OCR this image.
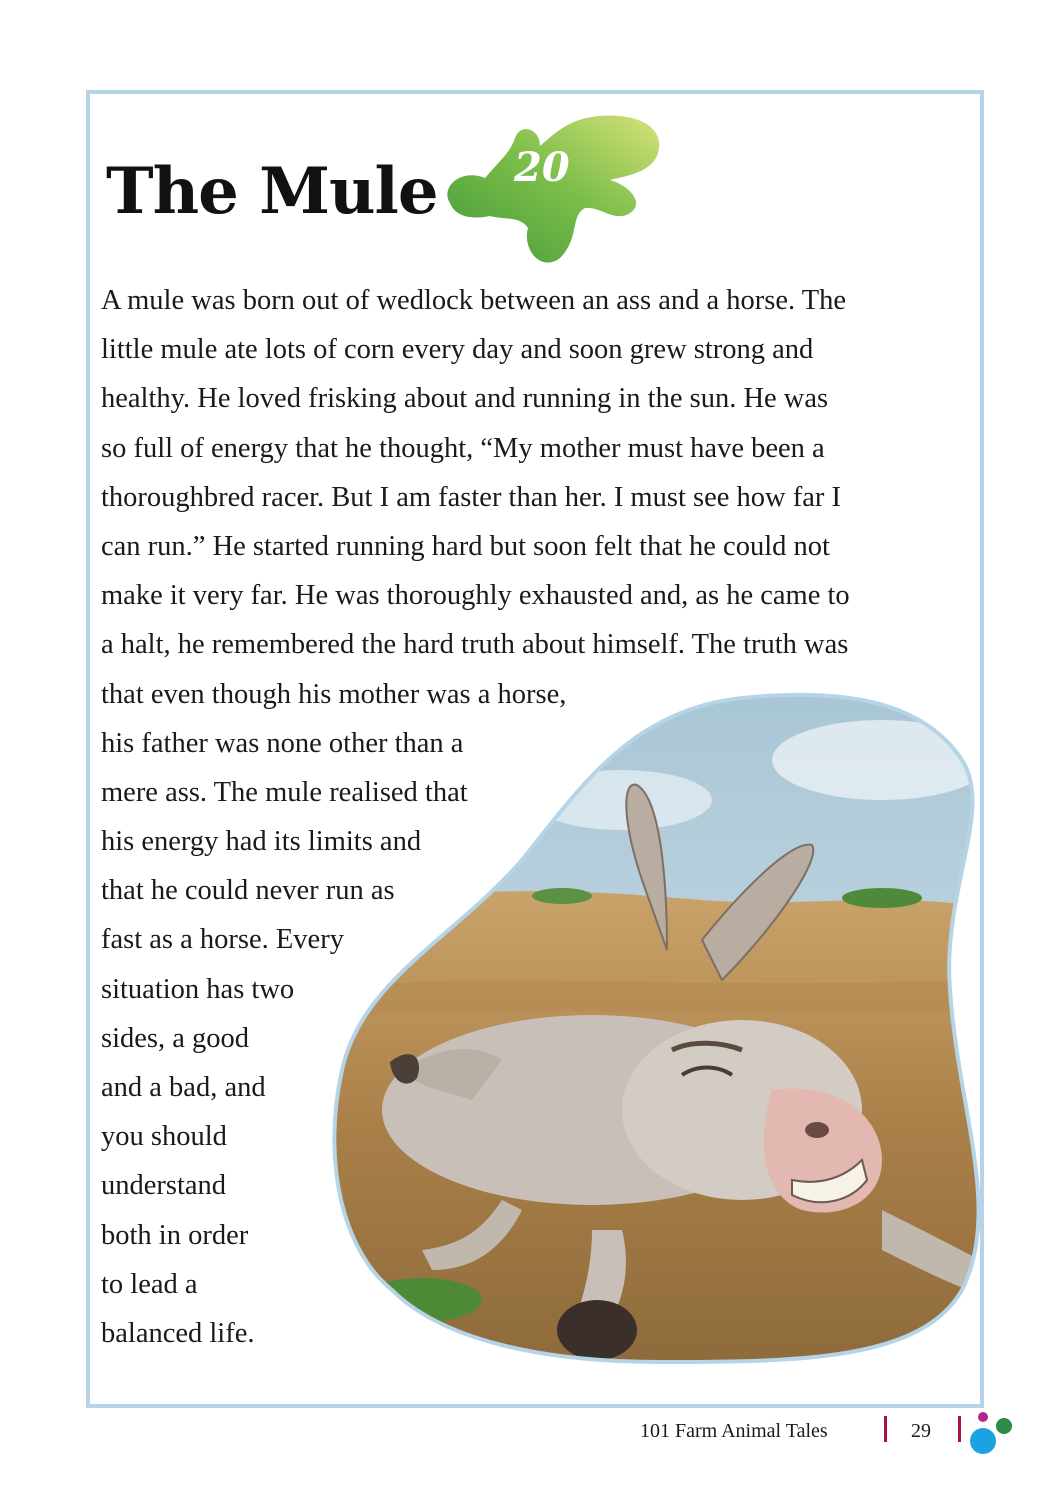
The Mule 20
A mule was born out of wedlock between an ass and a horse. The
little mule ate lots of corn every day and soon grew strong and
healthy. He loved frisking about and running in the sun. He was
so full of energy that he thought, “My mother must have been a
thoroughbred racer. But I am faster than her. I must see how far I
can run.” He started running hard but soon felt that he could not
make it very far. He was thoroughly exhausted and, as he came to
a halt, he remembered the hard truth about himself. The truth was
that even though his mother was a horse,
his father was none other than a
mere ass. The mule realised that
his energy had its limits and
that he could never run as
fast as a horse. Every
situation has two
sides, a good
and a bad, and
you should
understand
both in order
to lead a
balanced life.
101 Farm Animal Tales	29
